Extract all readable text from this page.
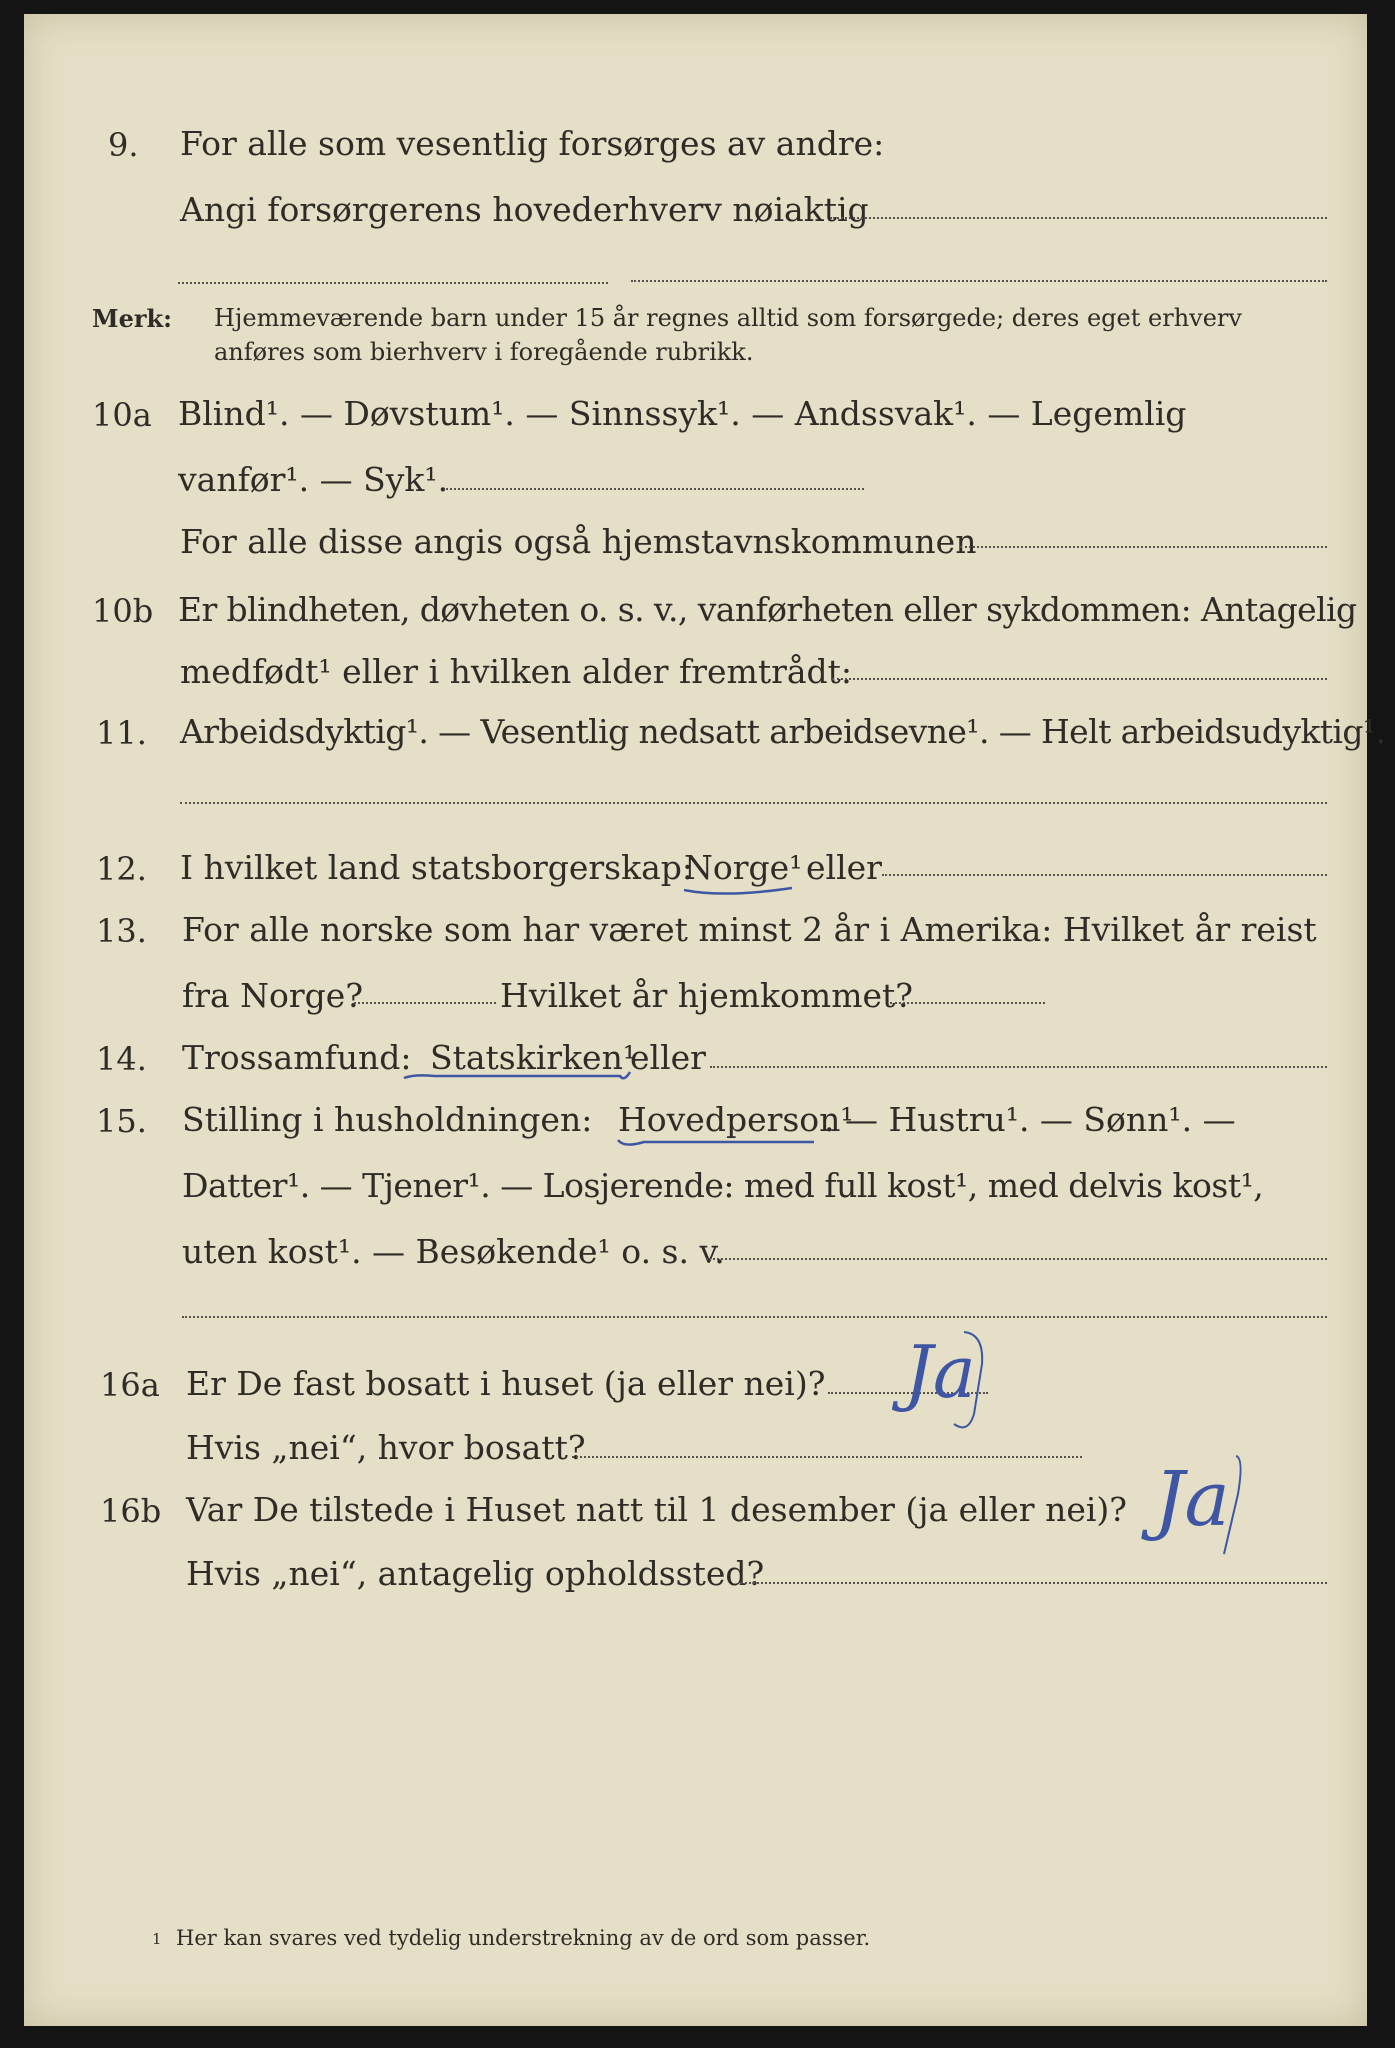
9. For alle som vesentlig forsørges av andre:
Angi forsørgerens hovederhverv nøiaktig
Merk: Hjemmeværende barn under 15 år regnes alltid som forsørgede; deres eget erhverv
anføres som bierhverv i foregående rubrikk.
10a Blind¹. — Døvstum¹. — Sinnssyk¹. — Andssvak¹. — Legemlig
vanfør¹. — Syk¹.
For alle disse angis også hjemstavnskommunen
10b Er blindheten, døvheten o. s. v., vanførheten eller sykdommen: Antagelig
medfødt¹ eller i hvilken alder fremtrådt:
11. Arbeidsdyktig¹. — Vesentlig nedsatt arbeidsevne¹. — Helt arbeidsudyktig¹.
12. I hvilket land statsborgerskap:
Norge¹ eller
13. For alle norske som har været minst 2 år i Amerika: Hvilket år reist
fra Norge?	Hvilket år hjemkommet?
14. Trossamfund: Statskirken¹
eller
15. Stilling i husholdningen: Hovedperson¹
. — Hustru¹. — Sønn¹. —
Datter¹. — Tjener¹. — Losjerende: med full kost¹, med delvis kost¹,
uten kost¹. — Besøkende¹ o. s. v.
16a Er De fast bosatt i huset (ja eller nei)? Ja
Hvis „nei“, hvor bosatt?
16b Var De tilstede i Huset natt til 1 desember (ja eller nei)? Ja
Hvis „nei“, antagelig opholdssted?
1 Her kan svares ved tydelig understrekning av de ord som passer.
